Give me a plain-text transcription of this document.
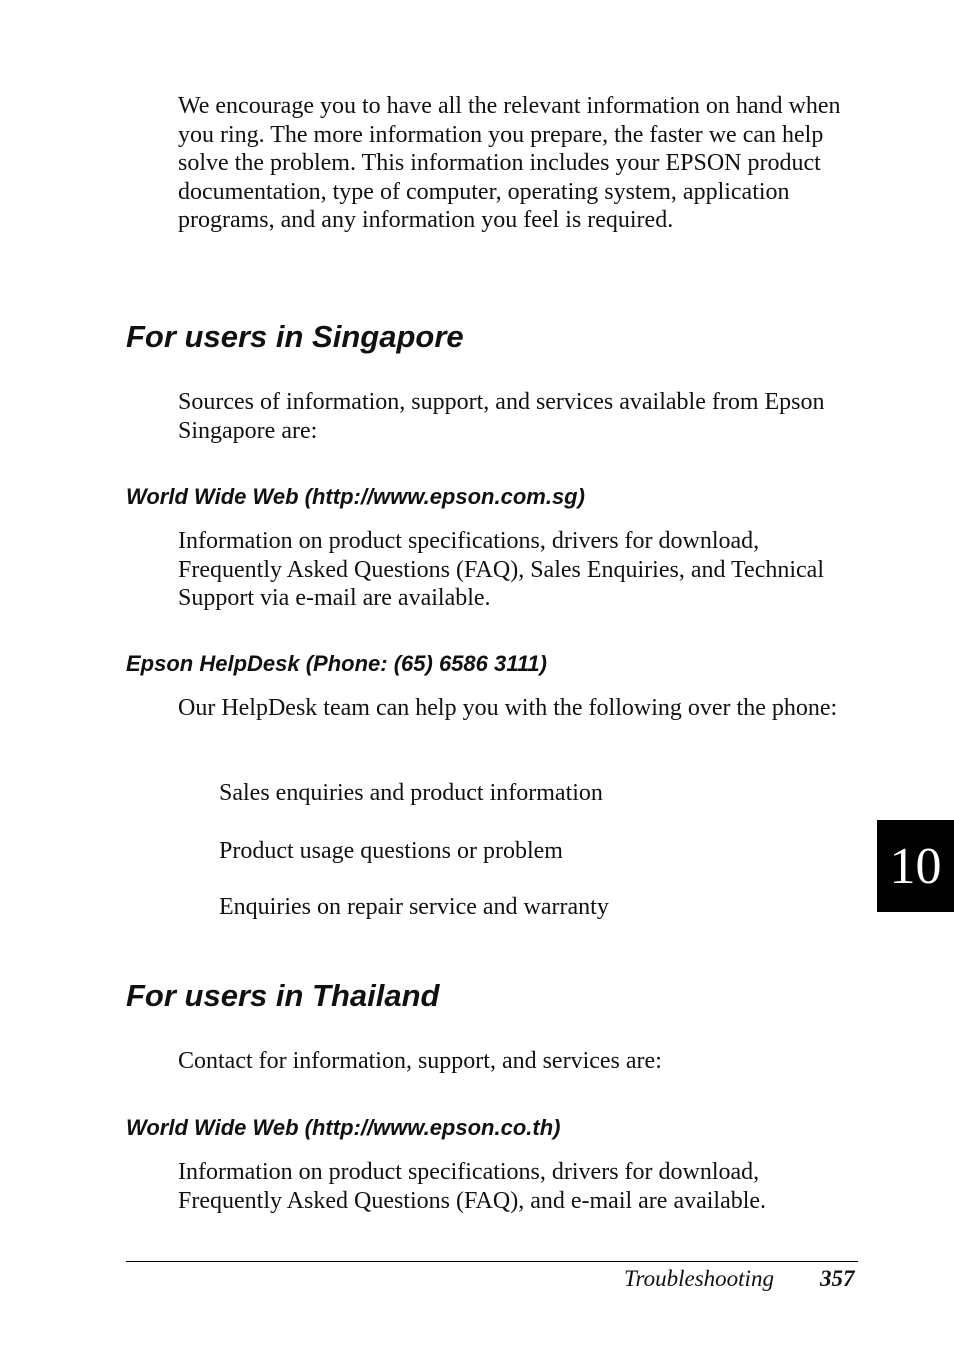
We encourage you to have all the relevant information on hand when you ring. The more information you prepare, the faster we can help solve the problem. This information includes your EPSON product documentation, type of computer, operating system, application programs, and any information you feel is required.

For users in Singapore

Sources of information, support, and services available from Epson Singapore are:

World Wide Web (http://www.epson.com.sg)

Information on product specifications, drivers for download, Frequently Asked Questions (FAQ), Sales Enquiries, and Technical Support via e-mail are available.

Epson HelpDesk (Phone: (65) 6586 3111)

Our HelpDesk team can help you with the following over the phone:

Sales enquiries and product information

Product usage questions or problem

Enquiries on repair service and warranty

10
For users in Thailand

Contact for information, support, and services are:

World Wide Web (http://www.epson.co.th)

Information on product specifications, drivers for download, Frequently Asked Questions (FAQ), and e-mail are available.

Troubleshooting 357
